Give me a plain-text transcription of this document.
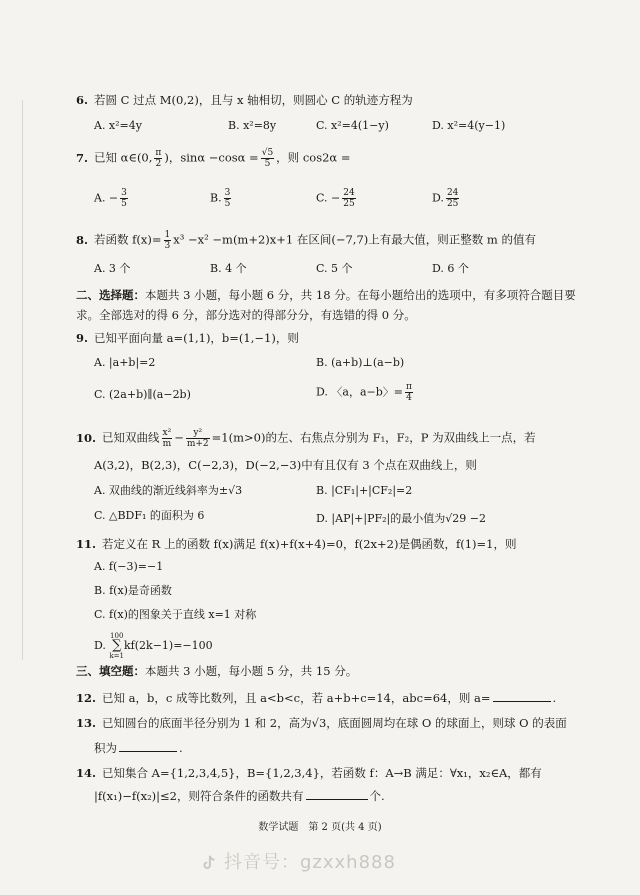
6. 若圆 C 过点 M(0,2)，且与 x 轴相切，则圆心 C 的轨迹方程为
A. x²=4y	B. x²=8y	C. x²=4(1−y)	D. x²=4(y−1)
7. 已知 α∈(0, $\frac{\pi}{2}$ )，$\sin\alpha -\cos\alpha = \frac{√5}{5}$ ，则 cos2α =
A. − $\frac{3}{5}$	B. $\frac{3}{5}$	C. − $\frac{24}{25}$	D. $\frac{24}{25}$
8. 若函数 $f(x)= \frac{1}{3} x^3 -x^2 -m(m+2)x+1$ 在区间(−7,7)上有最大值，则正整数 m 的值有
A. 3 个	B. 4 个	C. 5 个	D. 6 个
二、选择题：本题共 3 小题，每小题 6 分，共 18 分。在每小题给出的选项中，有多项符合题目要
求。全部选对的得 6 分，部分选对的得部分分，有选错的得 0 分。
9. 已知平面向量 a=(1,1)，b=(1,−1)，则
A. |a+b|=2	B. (a+b)⊥(a−b)
C. (2a+b)∥(a−2b)	D. 〈a，a−b〉= $\frac{\pi}{4}$
10. 已知双曲线 $\frac{\text{x²}}{m} - \frac{\text{y²}}{m+2} =1(m>0)$的左、右焦点分别为 F₁，F₂，P 为双曲线上一点，若
A(3,2)，B(2,3)，C(−2,3)，D(−2,−3)中有且仅有 3 个点在双曲线上，则
A. 双曲线的渐近线斜率为±√3	B. |CF₁|+|CF₂|=2
C. △BDF₁ 的面积为 6	D. |AP|+|PF₂|的最小值为√29 −2
11. 若定义在 R 上的函数 f(x)满足 f(x)+f(x+4)=0，f(2x+2)是偶函数，f(1)=1，则
A. f(−3)=−1
B. f(x)是奇函数
C. f(x)的图象关于直线 x=1 对称
D.
100
∑
k=1
kf(2k−1)=−100
三、填空题：本题共 3 小题，每小题 5 分，共 15 分。
12. 已知 a，b，c 成等比数列，且 a<b<c，若 a+b+c=14，abc=64，则 a=	.
13. 已知圆台的底面半径分别为 1 和 2，高为√3，底面圆周均在球 O 的球面上，则球 O 的表面
积为	.
14. 已知集合 A={1,2,3,4,5}，B={1,2,3,4}，若函数 f：A→B 满足：∀x₁，x₂∈A，都有
|f(x₁)−f(x₂)|≤2，则符合条件的函数共有	个.
数学试题　第 2 页(共 4 页)
抖音号：gzxxh888
